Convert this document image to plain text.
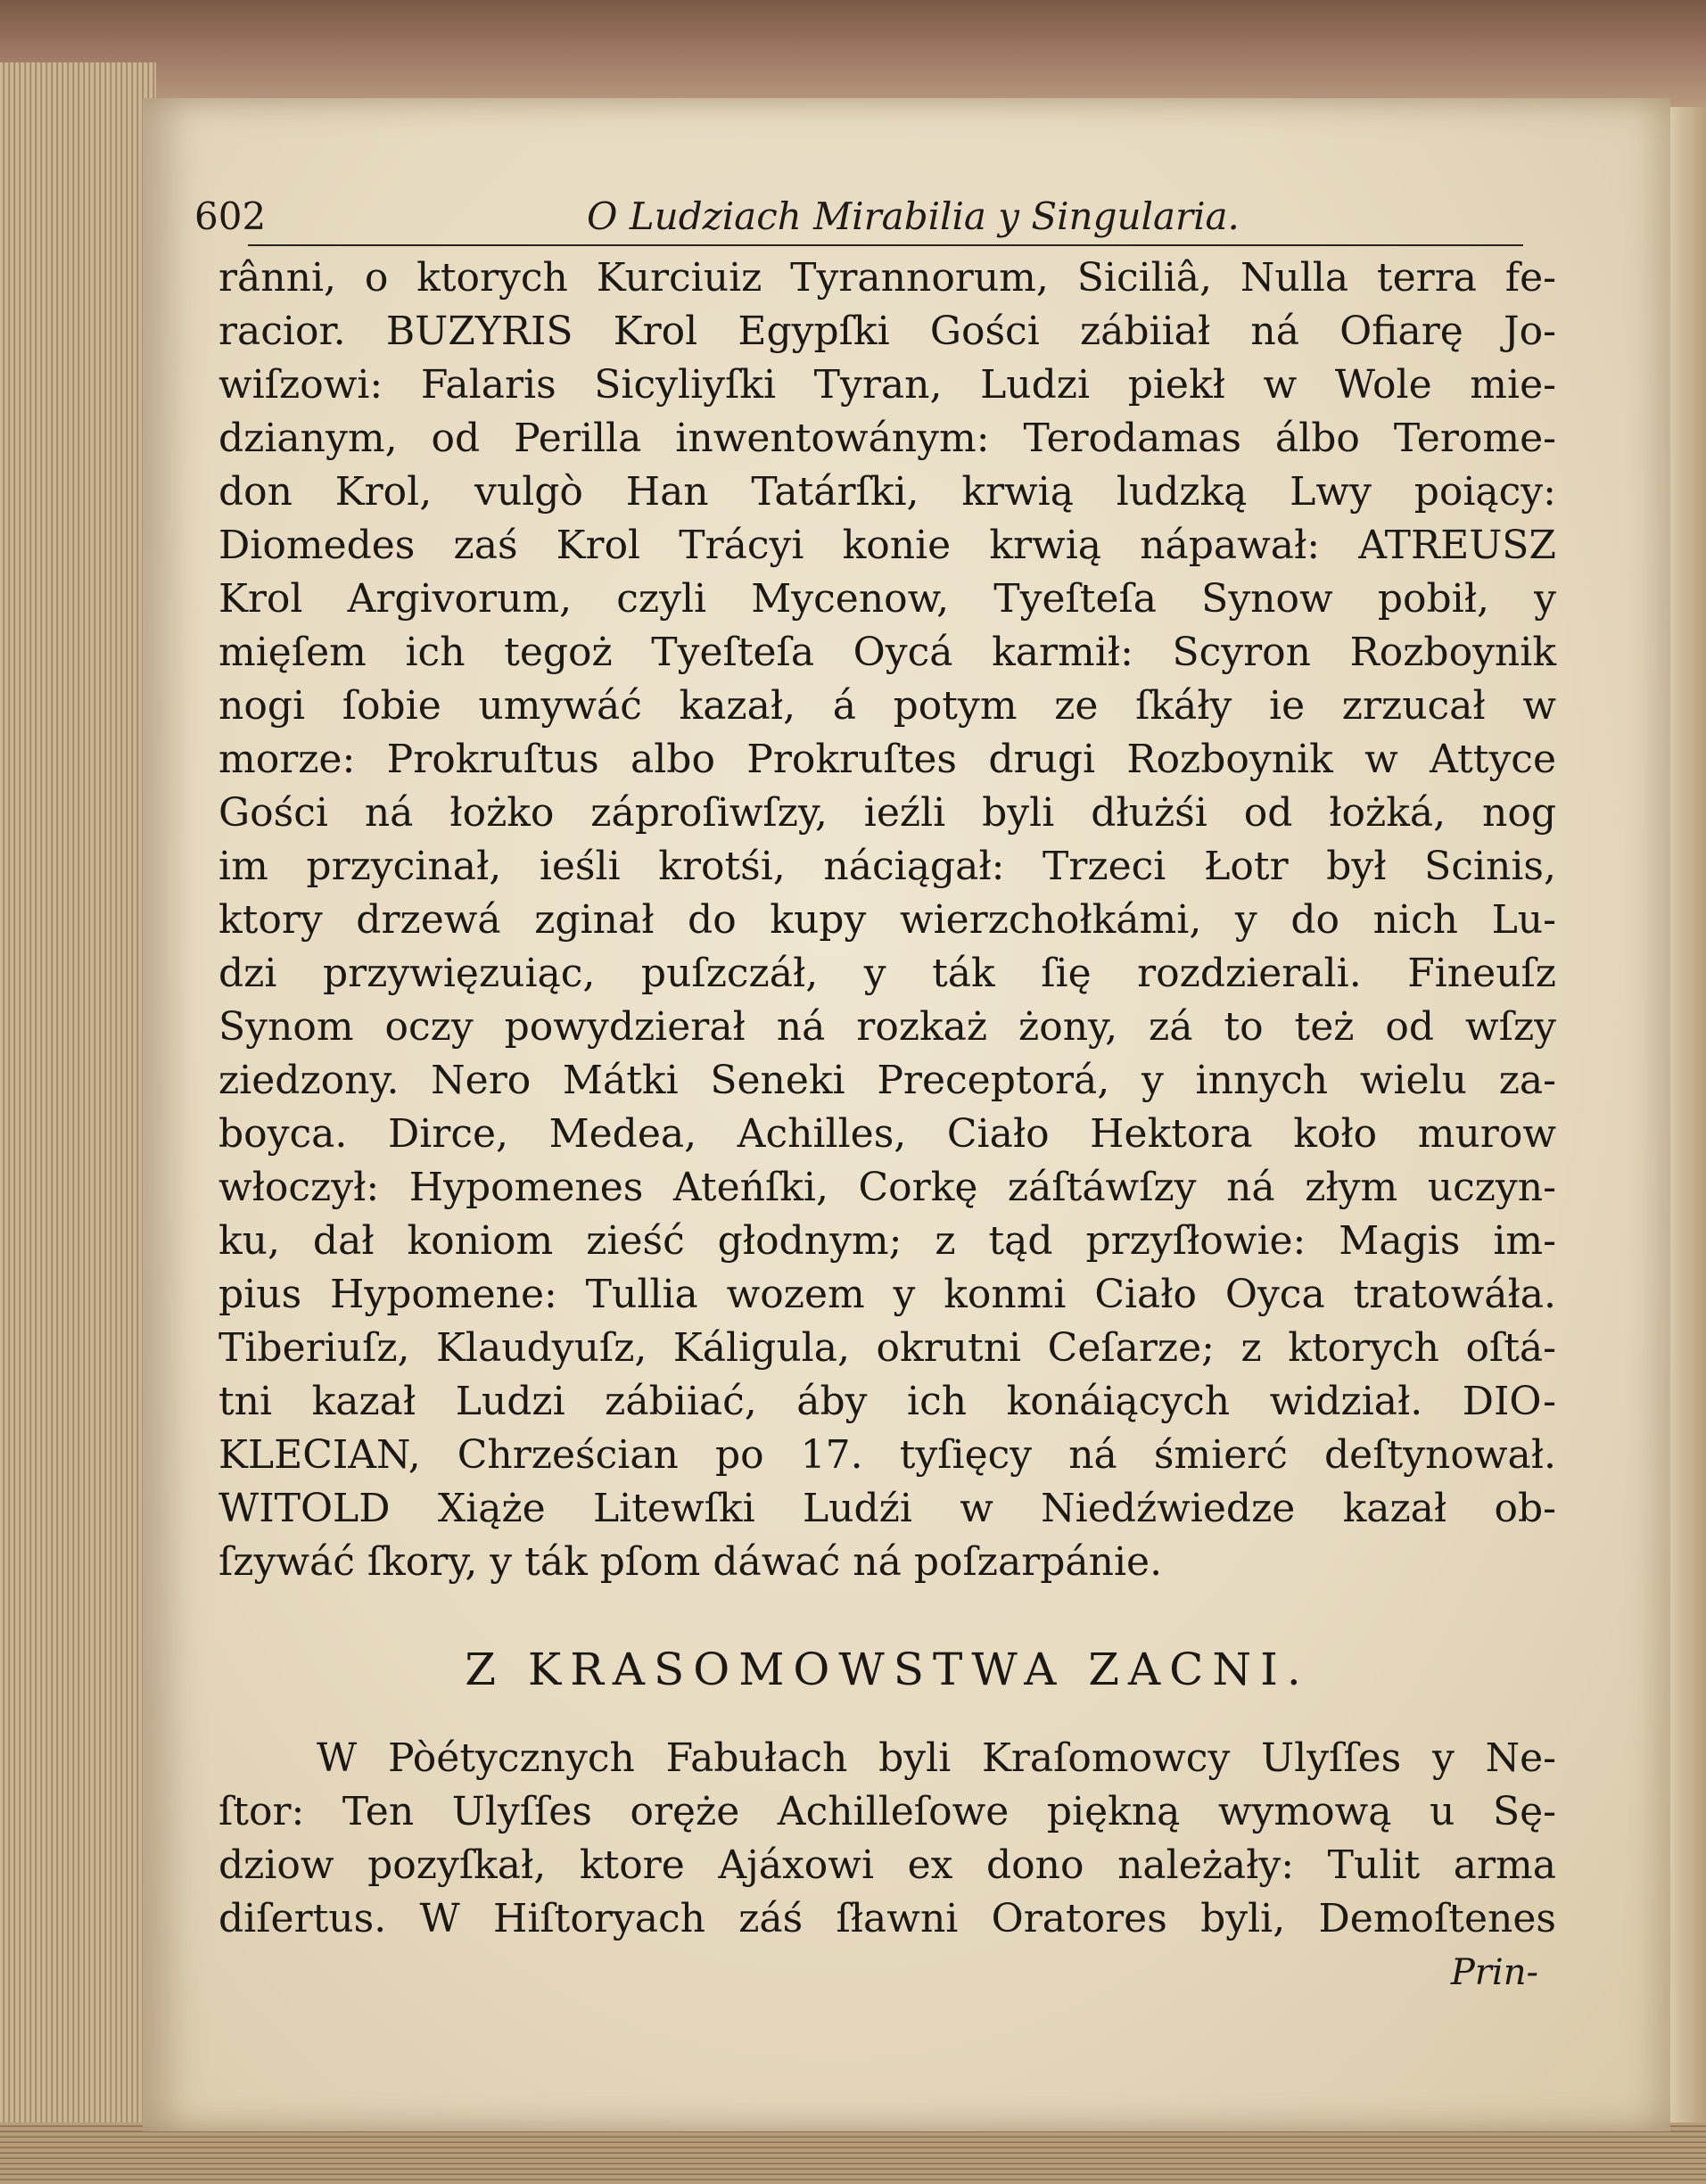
602	O Ludziach Mirabilia y Singularia.
rânni, o ktorych Kurciuiz Tyrannorum, Siciliâ, Nulla terra fe-
racior. BUZYRIS Krol Egypſki Gości zábiiał ná Ofiarę Jo-
wiſzowi: Falaris Sicyliyſki Tyran, Ludzi piekł w Wole mie-
dzianym, od Perilla inwentowánym: Terodamas álbo Terome-
don Krol, vulgò Han Tatárſki, krwią ludzką Lwy poiący:
Diomedes zaś Krol Trácyi konie krwią nápawał: ATREUSZ
Krol Argivorum, czyli Mycenow, Tyeſteſa Synow pobił, y
mięſem ich tegoż Tyeſteſa Oycá karmił: Scyron Rozboynik
nogi ſobie umywáć kazał, á potym ze ſkáły ie zrzucał w
morze: Prokruſtus albo Prokruſtes drugi Rozboynik w Attyce
Gości ná łożko záproſiwſzy, ieźli byli dłużśi od łożká, nog
im przycinał, ieśli krotśi, náciągał: Trzeci Łotr był Scinis,
ktory drzewá zginał do kupy wierzchołkámi, y do nich Lu-
dzi przywięzuiąc, puſzczáł, y ták ſię rozdzierali. Fineuſz
Synom oczy powydzierał ná rozkaż żony, zá to też od wſzy
ziedzony. Nero Mátki Seneki Preceptorá, y innych wielu za-
boyca. Dirce, Medea, Achilles, Ciało Hektora koło murow
włoczył: Hypomenes Ateńſki, Corkę záſtáwſzy ná złym uczyn-
ku, dał koniom zieść głodnym; z tąd przyſłowie: Magis im-
pius Hypomene: Tullia wozem y konmi Ciało Oyca tratowáła.
Tiberiuſz, Klaudyuſz, Káligula, okrutni Ceſarze; z ktorych oſtá-
tni kazał Ludzi zábiiać, áby ich konáiących widział. DIO-
KLECIAN, Chrześcian po 17. tyſięcy ná śmierć deſtynował.
WITOLD Xiąże Litewſki Ludźi w Niedźwiedze kazał ob-
ſzywáć ſkory, y ták pſom dáwać ná poſzarpánie.
Z KRASOMOWSTWA ZACNI.
W Pòétycznych Fabułach byli Kraſomowcy Ulyſſes y Ne-
ſtor: Ten Ulyſſes oręże Achilleſowe piękną wymową u Sę-
dziow pozyſkał, ktore Ajáxowi ex dono należały: Tulit arma
diſertus. W Hiſtoryach záś ſławni Oratores byli, Demoſtenes
Prin-
